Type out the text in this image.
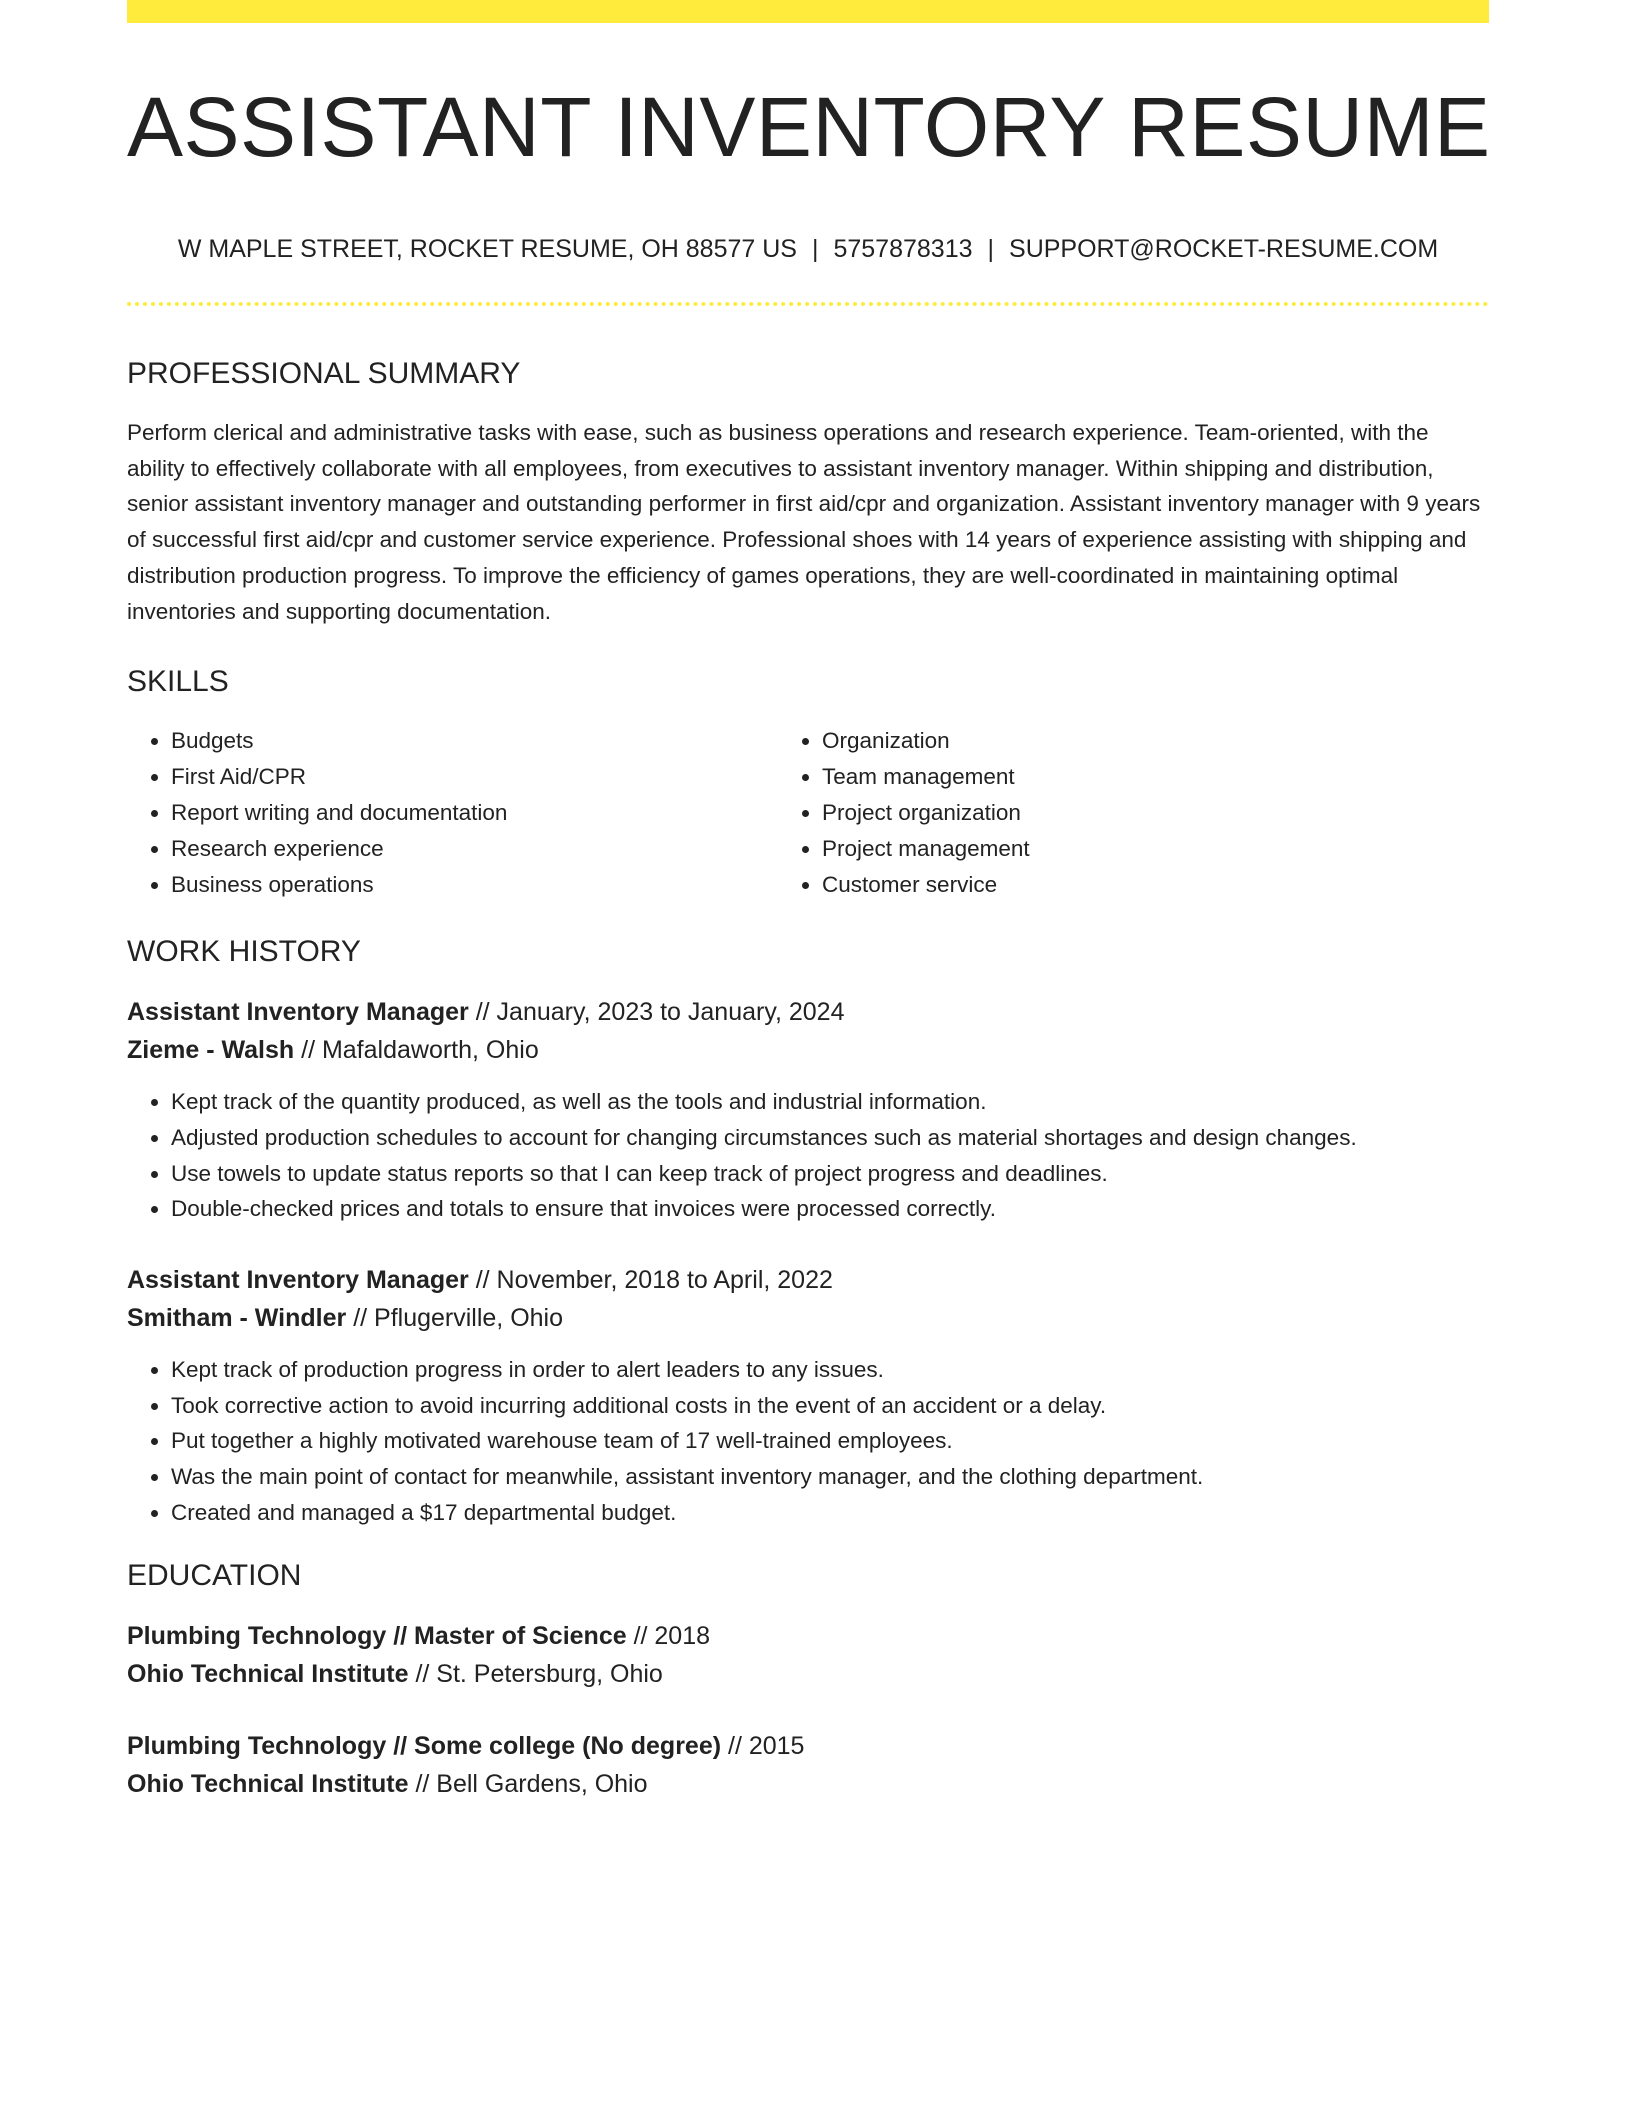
ASSISTANT INVENTORY RESUME
W MAPLE STREET, ROCKET RESUME, OH 88577 US | 5757878313 | SUPPORT@ROCKET-RESUME.COM
PROFESSIONAL SUMMARY
Perform clerical and administrative tasks with ease, such as business operations and research experience. Team-oriented, with the ability to effectively collaborate with all employees, from executives to assistant inventory manager. Within shipping and distribution, senior assistant inventory manager and outstanding performer in first aid/cpr and organization. Assistant inventory manager with 9 years of successful first aid/cpr and customer service experience. Professional shoes with 14 years of experience assisting with shipping and distribution production progress. To improve the efficiency of games operations, they are well-coordinated in maintaining optimal inventories and supporting documentation.
SKILLS
• Budgets
• First Aid/CPR
• Report writing and documentation
• Research experience
• Business operations
• Organization
• Team management
• Project organization
• Project management
• Customer service
WORK HISTORY
Assistant Inventory Manager // January, 2023 to January, 2024
Zieme - Walsh // Mafaldaworth, Ohio
• Kept track of the quantity produced, as well as the tools and industrial information.
• Adjusted production schedules to account for changing circumstances such as material shortages and design changes.
• Use towels to update status reports so that I can keep track of project progress and deadlines.
• Double-checked prices and totals to ensure that invoices were processed correctly.
Assistant Inventory Manager // November, 2018 to April, 2022
Smitham - Windler // Pflugerville, Ohio
• Kept track of production progress in order to alert leaders to any issues.
• Took corrective action to avoid incurring additional costs in the event of an accident or a delay.
• Put together a highly motivated warehouse team of 17 well-trained employees.
• Was the main point of contact for meanwhile, assistant inventory manager, and the clothing department.
• Created and managed a $17 departmental budget.
EDUCATION
Plumbing Technology // Master of Science // 2018
Ohio Technical Institute // St. Petersburg, Ohio
Plumbing Technology // Some college (No degree) // 2015
Ohio Technical Institute // Bell Gardens, Ohio
